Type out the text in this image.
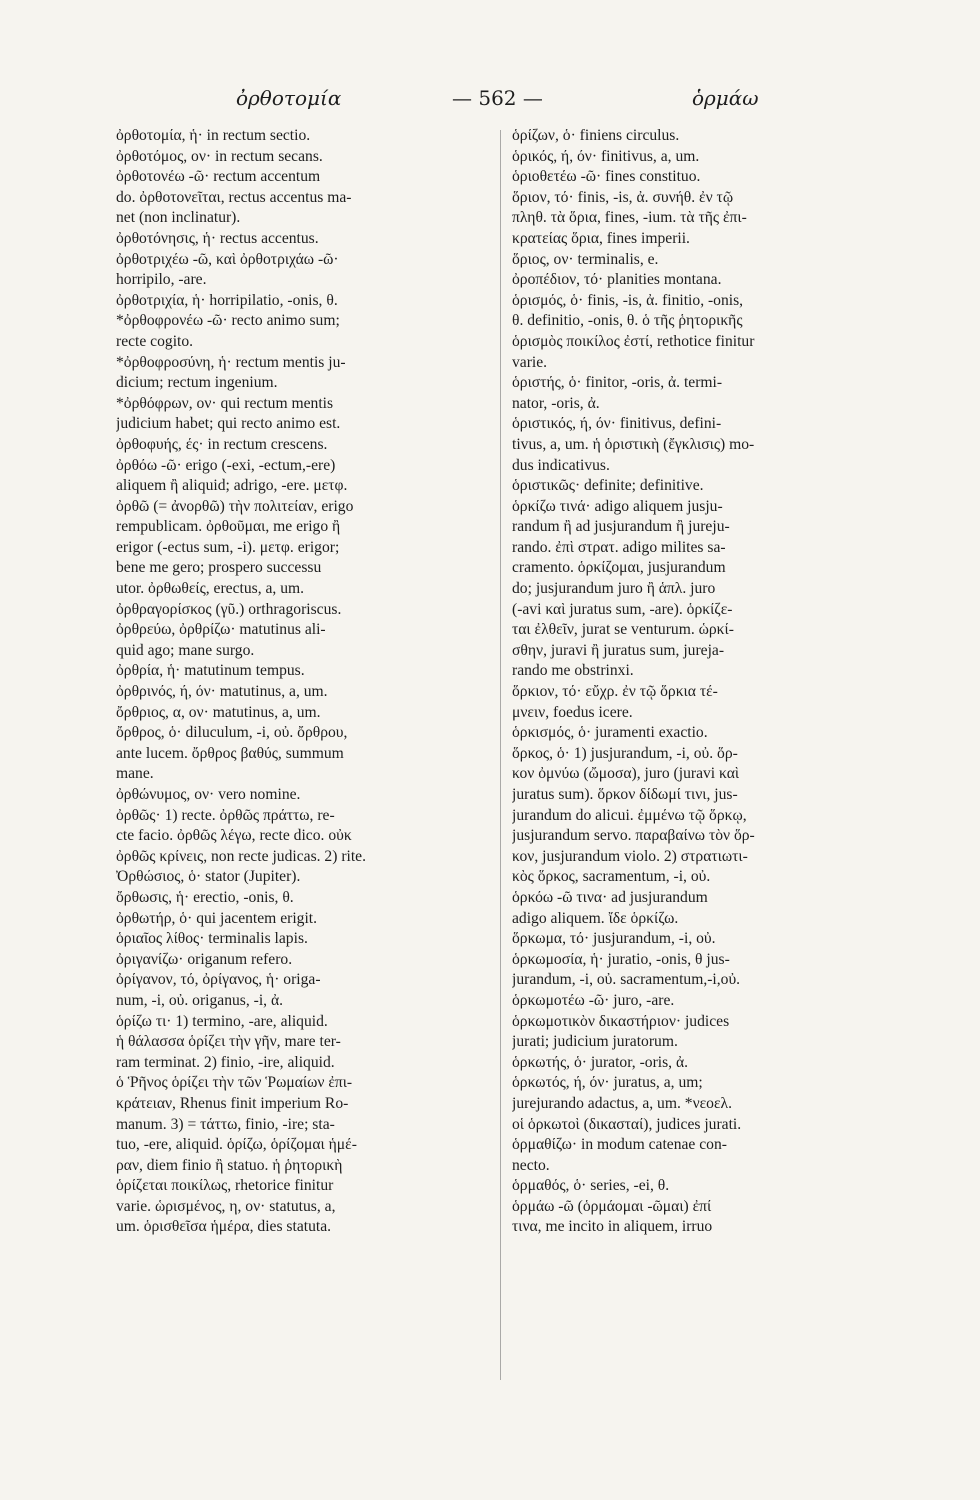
ὀρθοτομία	— 562 —	ὁρμάω
ὀρθοτομία, ἡ· in rectum sectio.
ὀρθοτόμος, ον· in rectum secans.
ὀρθοτονέω -ῶ· rectum accentum
do. ὀρθοτονεῖται, rectus accentus ma-
net (non inclinatur).
ὀρθοτόνησις, ἡ· rectus accentus.
ὀρθοτριχέω -ῶ, καὶ ὀρθοτριχάω -ῶ·
horripilo, -are.
ὀρθοτριχία, ἡ· horripilatio, -onis, θ.
*ὀρθοφρονέω -ῶ· recto animo sum;
recte cogito.
*ὀρθοφροσύνη, ἡ· rectum mentis ju-
dicium; rectum ingenium.
*ὀρθόφρων, ον· qui rectum mentis
judicium habet; qui recto animo est.
ὀρθοφυής, ές· in rectum crescens.
ὀρθόω -ῶ· erigo (-exi, -ectum,-ere)
aliquem ἢ aliquid; adrigo, -ere. μετφ.
ὀρθῶ (= ἀνορθῶ) τὴν πολιτείαν, erigo
rempublicam. ὀρθοῦμαι, me erigo ἢ
erigor (-ectus sum, -i). μετφ. erigor;
bene me gero; prospero successu
utor. ὀρθωθείς, erectus, a, um.
ὀρθραγορίσκος (γῦ.) orthragoriscus.
ὀρθρεύω, ὀρθρίζω· matutinus ali-
quid ago; mane surgo.
ὀρθρία, ἡ· matutinum tempus.
ὀρθρινός, ή, όν· matutinus, a, um.
ὄρθριος, α, ον· matutinus, a, um.
ὄρθρος, ὁ· diluculum, -i, οὐ. ὄρθρου,
ante lucem. ὄρθρος βαθύς, summum
mane.
ὀρθώνυμος, ον· vero nomine.
ὀρθῶς· 1) recte. ὀρθῶς πράττω, re-
cte facio. ὀρθῶς λέγω, recte dico. οὐκ
ὀρθῶς κρίνεις, non recte judicas. 2) rite.
Ὀρθώσιος, ὁ· stator (Jupiter).
ὄρθωσις, ἡ· erectio, -onis, θ.
ὀρθωτήρ, ὁ· qui jacentem erigit.
ὁριαῖος λίθος· terminalis lapis.
ὀριγανίζω· origanum refero.
ὀρίγανον, τό, ὀρίγανος, ἡ· origa-
num, -i, οὐ. origanus, -i, ἀ.
ὁρίζω τι· 1) termino, -are, aliquid.
ἡ θάλασσα ὁρίζει τὴν γῆν, mare ter-
ram terminat. 2) finio, -ire, aliquid.
ὁ Ῥῆνος ὁρίζει τὴν τῶν Ῥωμαίων ἐπι-
κράτειαν, Rhenus finit imperium Ro-
manum. 3) = τάττω, finio, -ire; sta-
tuo, -ere, aliquid. ὁρίζω, ὁρίζομαι ἡμέ-
ραν, diem finio ἢ statuo. ἡ ῥητορικὴ
ὁρίζεται ποικίλως, rhetorice finitur
varie. ὡρισμένος, η, ον· statutus, a,
um. ὁρισθεῖσα ἡμέρα, dies statuta.
ὁρίζων, ὁ· finiens circulus.
ὁρικός, ή, όν· finitivus, a, um.
ὁριοθετέω -ῶ· fines constituo.
ὅριον, τό· finis, -is, ἀ. συνήθ. ἐν τῷ
πληθ. τὰ ὅρια, fines, -ium. τὰ τῆς ἐπι-
κρατείας ὅρια, fines imperii.
ὅριος, ον· terminalis, e.
ὀροπέδιον, τό· planities montana.
ὁρισμός, ὁ· finis, -is, ἀ. finitio, -onis,
θ. definitio, -onis, θ. ὁ τῆς ῥητορικῆς
ὁρισμὸς ποικίλος ἐστί, rethotice finitur
varie.
ὁριστής, ὁ· finitor, -oris, ἀ. termi-
nator, -oris, ἀ.
ὁριστικός, ή, όν· finitivus, defini-
tivus, a, um. ἡ ὁριστικὴ (ἔγκλισις) mo-
dus indicativus.
ὁριστικῶς· definite; definitive.
ὁρκίζω τινά· adigo aliquem jusju-
randum ἢ ad jusjurandum ἢ jureju-
rando. ἐπὶ στρατ. adigo milites sa-
cramento. ὁρκίζομαι, jusjurandum
do; jusjurandum juro ἢ ἁπλ. juro
(-avi καὶ juratus sum, -are). ὁρκίζε-
ται ἐλθεῖν, jurat se venturum. ὡρκί-
σθην, juravi ἢ juratus sum, jureja-
rando me obstrinxi.
ὅρκιον, τό· εὔχρ. ἐν τῷ ὅρκια τέ-
μνειν, foedus icere.
ὁρκισμός, ὁ· juramenti exactio.
ὅρκος, ὁ· 1) jusjurandum, -i, οὐ. ὅρ-
κον ὀμνύω (ὤμοσα), juro (juravi καὶ
juratus sum). ὅρκον δίδωμί τινι, jus-
jurandum do alicui. ἐμμένω τῷ ὅρκῳ,
jusjurandum servo. παραβαίνω τὸν ὅρ-
κον, jusjurandum violo. 2) στρατιωτι-
κὸς ὅρκος, sacramentum, -i, οὐ.
ὁρκόω -ῶ τινα· ad jusjurandum
adigo aliquem. ἴδε ὁρκίζω.
ὅρκωμα, τό· jusjurandum, -i, οὐ.
ὁρκωμοσία, ἡ· juratio, -onis, θ jus-
jurandum, -i, οὐ. sacramentum,-i,οὐ.
ὁρκωμοτέω -ῶ· juro, -are.
ὁρκωμοτικὸν δικαστήριον· judices
jurati; judicium juratorum.
ὁρκωτής, ὁ· jurator, -oris, ἀ.
ὁρκωτός, ή, όν· juratus, a, um;
jurejurando adactus, a, um. *νεοελ.
οἱ ὁρκωτοὶ (δικασταί), judices jurati.
ὁρμαθίζω· in modum catenae con-
necto.
ὁρμαθός, ὁ· series, -ei, θ.
ὁρμάω -ῶ (ὁρμάομαι -ῶμαι) ἐπί
τινα, me incito in aliquem, irruo
